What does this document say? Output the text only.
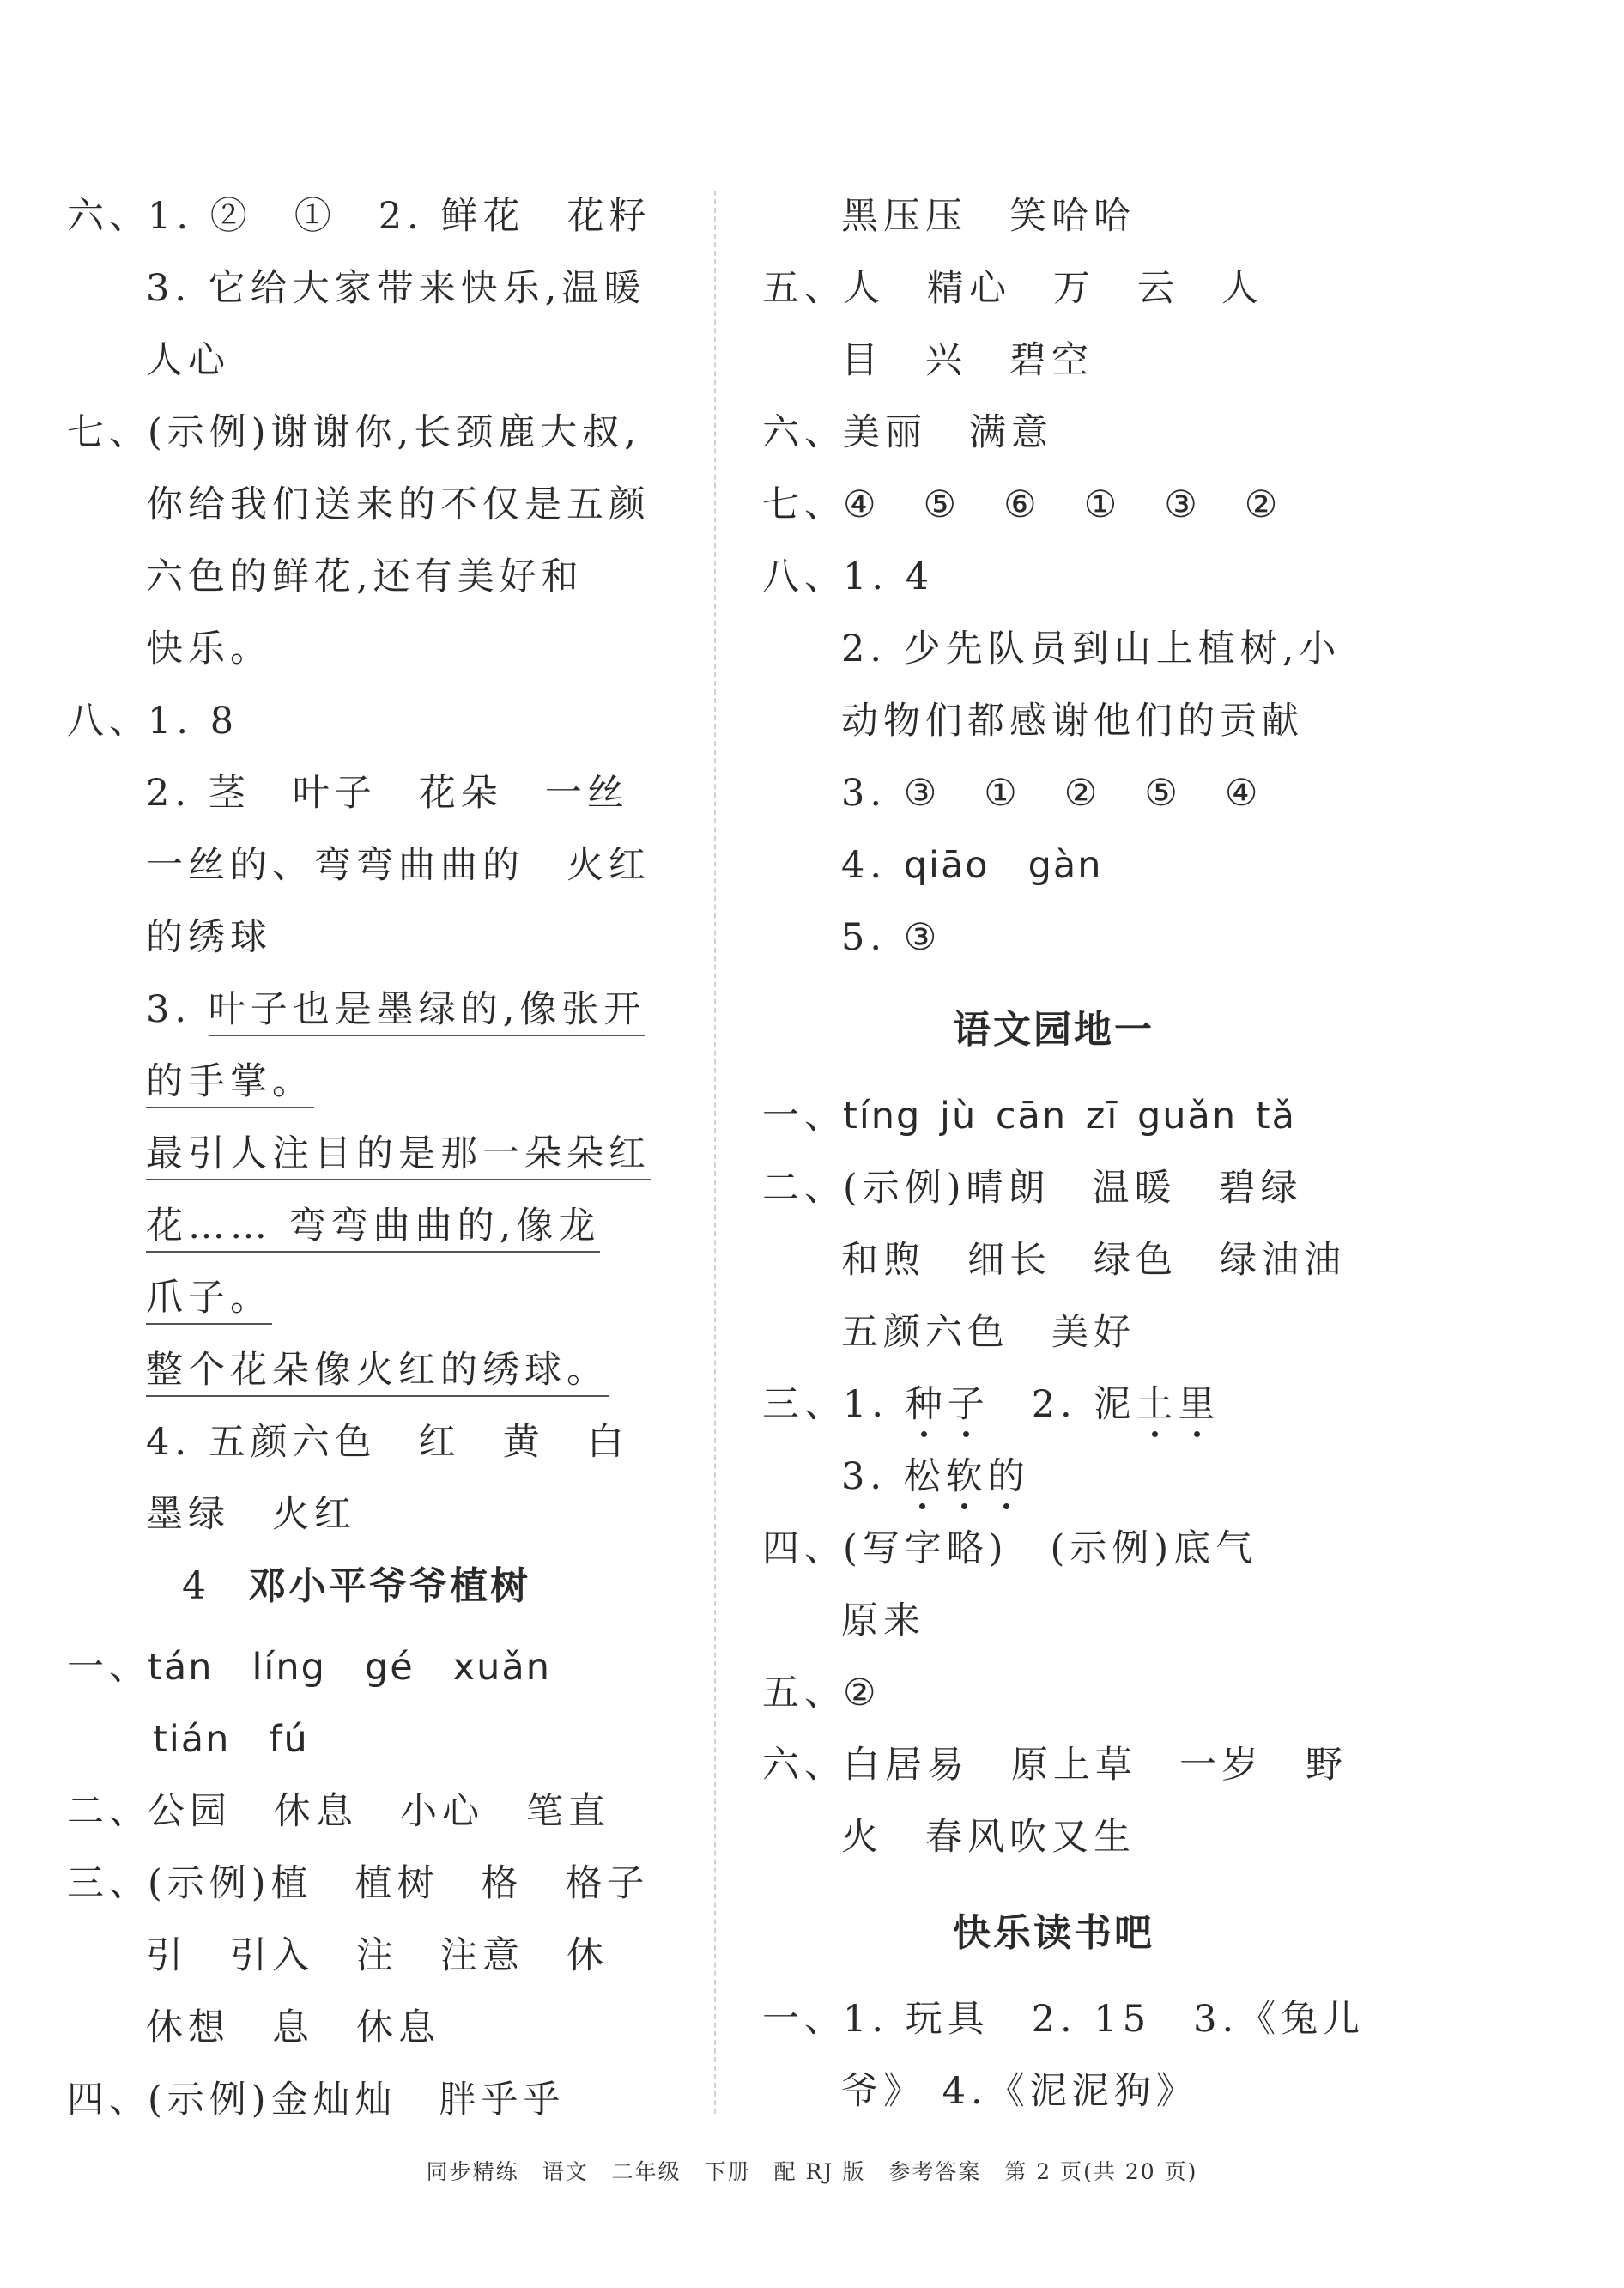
六、1. ②　①　2. 鲜花　花籽
3. 它给大家带来快乐,温暖
人心
七、(示例)谢谢你,长颈鹿大叔,
你给我们送来的不仅是五颜
六色的鲜花,还有美好和
快乐。
八、1. 8
2. 茎　叶子　花朵　一丝
一丝的、弯弯曲曲的　火红
的绣球
3. 叶子也是墨绿的,像张开
的手掌。
最引人注目的是那一朵朵红
花…… 弯弯曲曲的,像龙
爪子。
整个花朵像火红的绣球。
4. 五颜六色　红　黄　白
墨绿　火红
4 邓小平爷爷植树
一、tán　líng　gé　xuǎn
tián　fú
二、公园　休息　小心　笔直
三、(示例)植　植树　格　格子
引　引入　注　注意　休
休想　息　休息
四、(示例)金灿灿　胖乎乎
黑压压　笑哈哈
五、人　精心　万　云　人
目　兴　碧空
六、美丽　满意
七、④　⑤　⑥　①　③　②
八、1. 4
2. 少先队员到山上植树,小
动物们都感谢他们的贡献
3. ③　①　②　⑤　④
4. qiāo　gàn
5. ③
语文园地一
一、tíng jù cān zī guǎn tǎ
二、(示例)晴朗　温暖　碧绿
和煦　细长　绿色　绿油油
五颜六色　美好
三、1. 种子　2. 泥土里
3. 松软的
四、(写字略)　(示例)底气
原来
五、②
六、白居易　原上草　一岁　野
火　春风吹又生
快乐读书吧
一、1. 玩具　2. 15　3.《兔儿
爷》 4.《泥泥狗》
同步精练　语文　二年级　下册　配 RJ 版　参考答案　第 2 页(共 20 页)
